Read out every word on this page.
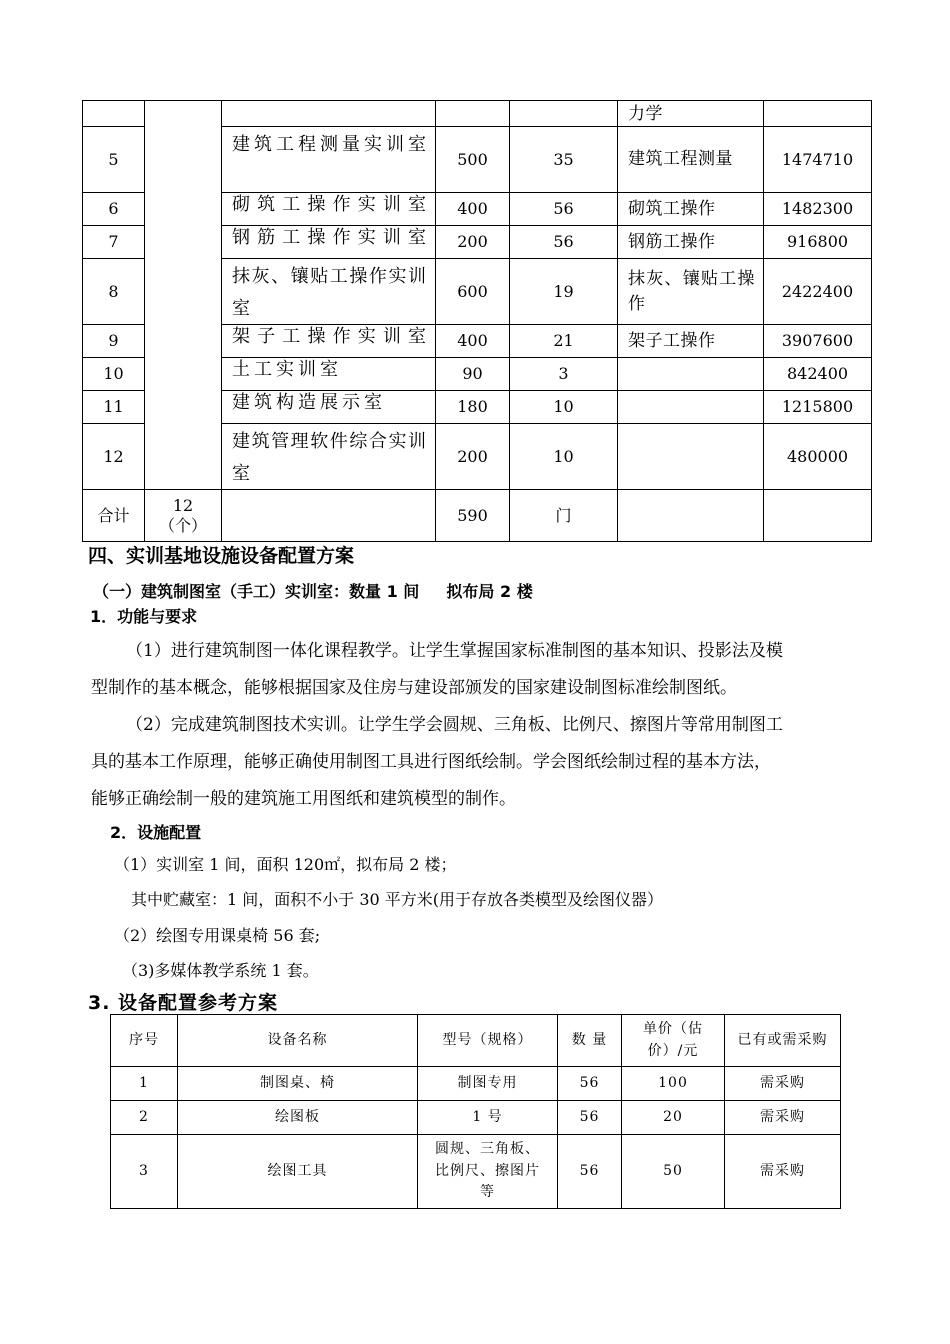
					力学	
5		建筑工程测量实训室	500	35	建筑工程测量	1474710
6		砌筑工操作实训室	400	56	砌筑工操作	1482300
7		钢筋工操作实训室	200	56	钢筋工操作	916800
8		抹灰、镶贴工操作实训室	600	19	抹灰、镶贴工操作	2422400
9		架子工操作实训室	400	21	架子工操作	3907600
10		土工实训室	90	3		842400
11		建筑构造展示室	180	10		1215800
12		建筑管理软件综合实训室	200	10		480000
合计	12（个）		590	门		
四、实训基地设施设备配置方案
（一）建筑制图室（手工）实训室：数量 1 间 　 拟布局 2 楼
1．功能与要求
（1）进行建筑制图一体化课程教学。让学生掌握国家标准制图的基本知识、投影法及模
型制作的基本概念，能够根据国家及住房与建设部颁发的国家建设制图标准绘制图纸。
（2）完成建筑制图技术实训。让学生学会圆规、三角板、比例尺、擦图片等常用制图工
具的基本工作原理，能够正确使用制图工具进行图纸绘制。学会图纸绘制过程的基本方法，
能够正确绘制一般的建筑施工用图纸和建筑模型的制作。
2．设施配置
（1）实训室 1 间，面积 120㎡，拟布局 2 楼；
其中贮藏室：1 间，面积不小于 30 平方米(用于存放各类模型及绘图仪器）
（2）绘图专用课桌椅 56 套;
（3)多媒体教学系统 1 套。
3. 设备配置参考方案
序号	设备名称	型号（规格）	数 量	单价（估价）/元	已有或需采购
1	制图桌、椅	制图专用	56	100	需采购
2	绘图板	1 号	56	20	需采购
3	绘图工具	圆规、三角板、比例尺、擦图片等	56	50	需采购
